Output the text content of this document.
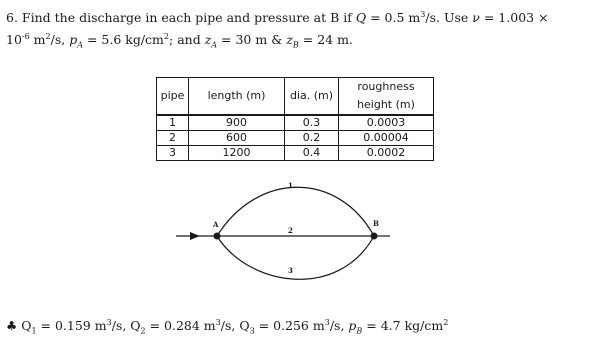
6. Find the discharge in each pipe and pressure at B if Q = 0.5 $m^3/s$. Use ν = 1.003 ×
$10^{-6}$ $m^2/s$, $p_A = 5.6$ $kg/cm^2$; and $z_A = 30$ m & $z_B = 24$ m.
pipe	length (m)	dia. (m)	roughness height (m)
1	900	0.3	0.0003
2	600	0.2	0.00004
3	1200	0.4	0.0002
A	B
1
2
3
♣ $Q_1 = 0.159$ $m^3/s$, $Q_2 = 0.284$ $m^3/s$, $Q_3 = 0.256$ $m^3/s$, $p_B = 4.7$ $kg/cm^2$
